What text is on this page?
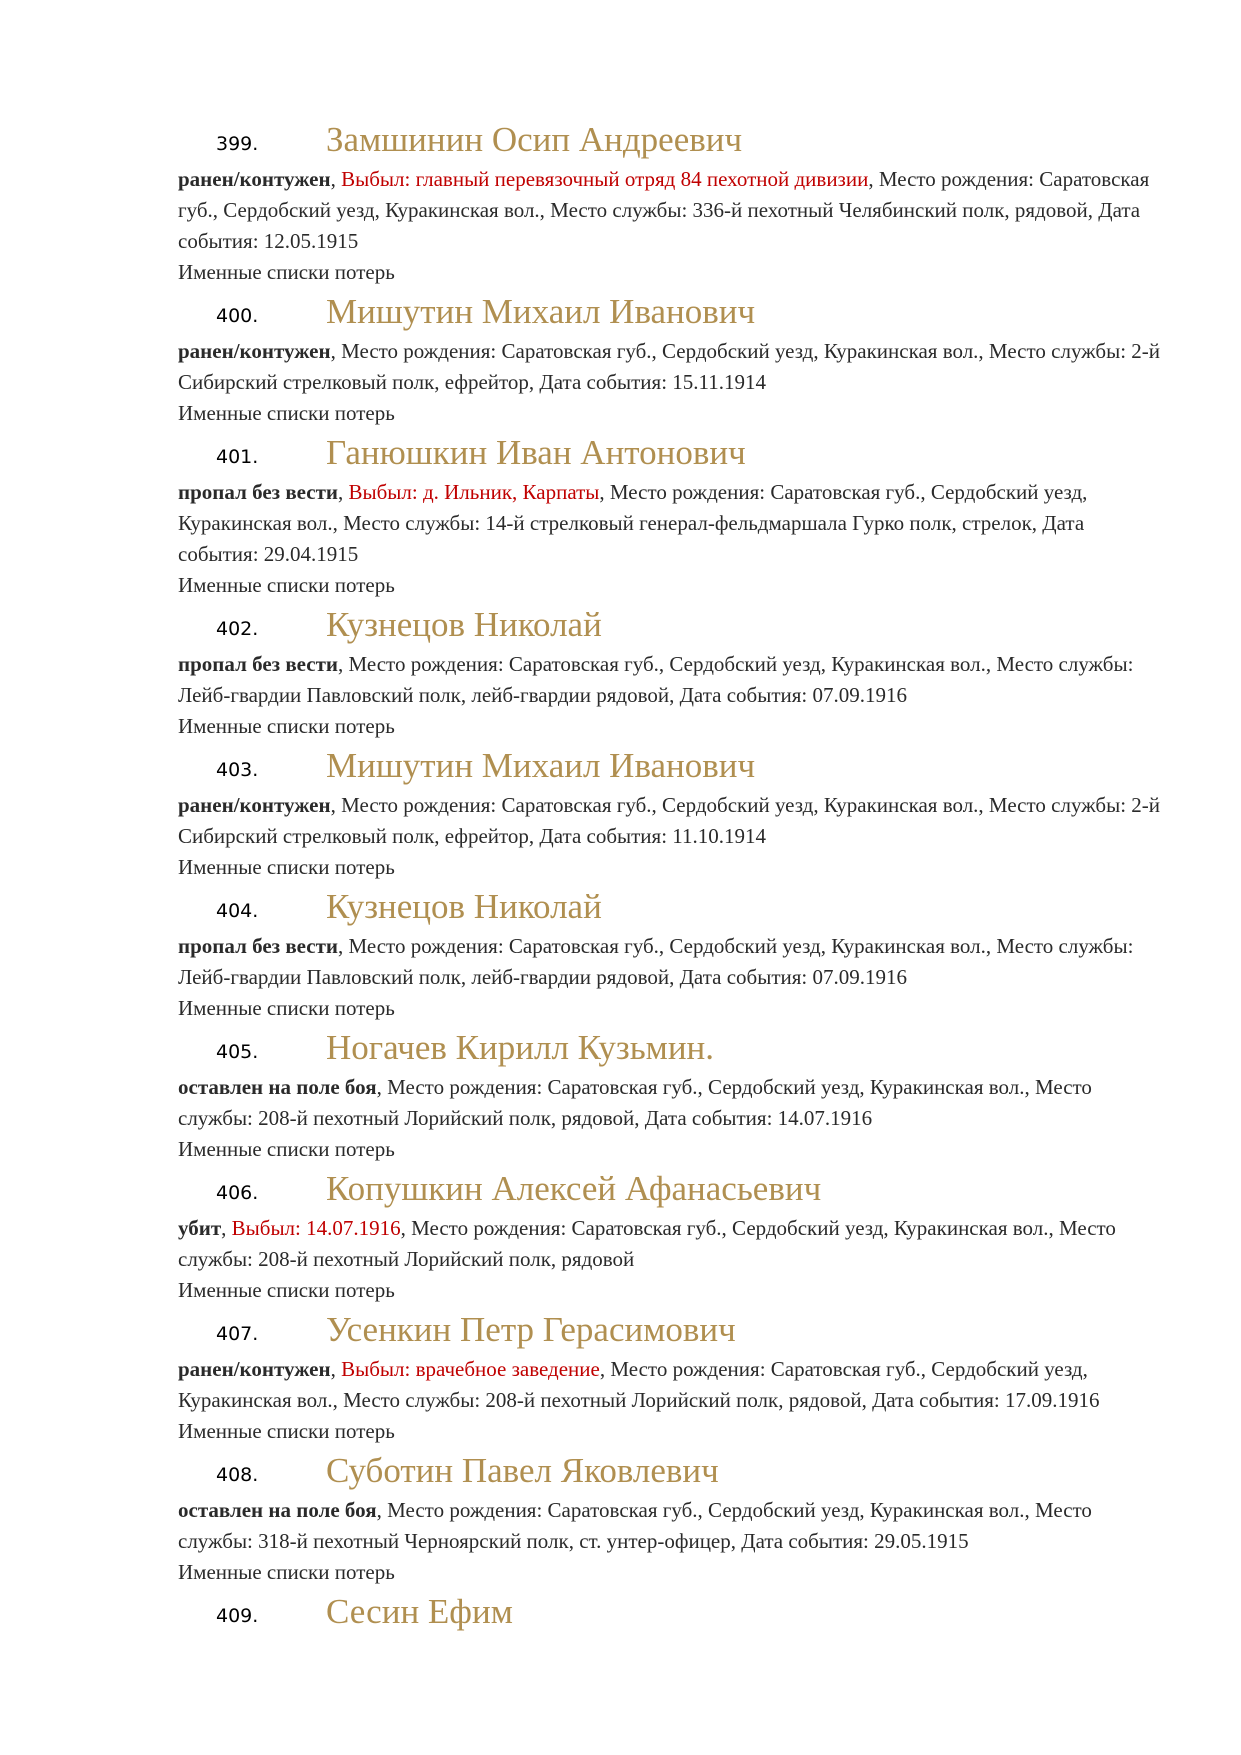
399. Замшинин Осип Андреевич
ранен/контужен, Выбыл: главный перевязочный отряд 84 пехотной дивизии, Место рождения: Саратовская губ., Сердобский уезд, Куракинская вол., Место службы: 336-й пехотный Челябинский полк, рядовой, Дата события: 12.05.1915
Именные списки потерь
400. Мишутин Михаил Иванович
ранен/контужен, Место рождения: Саратовская губ., Сердобский уезд, Куракинская вол., Место службы: 2-й Сибирский стрелковый полк, ефрейтор, Дата события: 15.11.1914
Именные списки потерь
401. Ганюшкин Иван Антонович
пропал без вести, Выбыл: д. Ильник, Карпаты, Место рождения: Саратовская губ., Сердобский уезд, Куракинская вол., Место службы: 14-й стрелковый генерал-фельдмаршала Гурко полк, стрелок, Дата события: 29.04.1915
Именные списки потерь
402. Кузнецов Николай
пропал без вести, Место рождения: Саратовская губ., Сердобский уезд, Куракинская вол., Место службы: Лейб-гвардии Павловский полк, лейб-гвардии рядовой, Дата события: 07.09.1916
Именные списки потерь
403. Мишутин Михаил Иванович
ранен/контужен, Место рождения: Саратовская губ., Сердобский уезд, Куракинская вол., Место службы: 2-й Сибирский стрелковый полк, ефрейтор, Дата события: 11.10.1914
Именные списки потерь
404. Кузнецов Николай
пропал без вести, Место рождения: Саратовская губ., Сердобский уезд, Куракинская вол., Место службы: Лейб-гвардии Павловский полк, лейб-гвардии рядовой, Дата события: 07.09.1916
Именные списки потерь
405. Ногачев Кирилл Кузьмин.
оставлен на поле боя, Место рождения: Саратовская губ., Сердобский уезд, Куракинская вол., Место службы: 208-й пехотный Лорийский полк, рядовой, Дата события: 14.07.1916
Именные списки потерь
406. Копушкин Алексей Афанасьевич
убит, Выбыл: 14.07.1916, Место рождения: Саратовская губ., Сердобский уезд, Куракинская вол., Место службы: 208-й пехотный Лорийский полк, рядовой
Именные списки потерь
407. Усенкин Петр Герасимович
ранен/контужен, Выбыл: врачебное заведение, Место рождения: Саратовская губ., Сердобский уезд, Куракинская вол., Место службы: 208-й пехотный Лорийский полк, рядовой, Дата события: 17.09.1916
Именные списки потерь
408. Суботин Павел Яковлевич
оставлен на поле боя, Место рождения: Саратовская губ., Сердобский уезд, Куракинская вол., Место службы: 318-й пехотный Черноярский полк, ст. унтер-офицер, Дата события: 29.05.1915
Именные списки потерь
409. Сесин Ефим
